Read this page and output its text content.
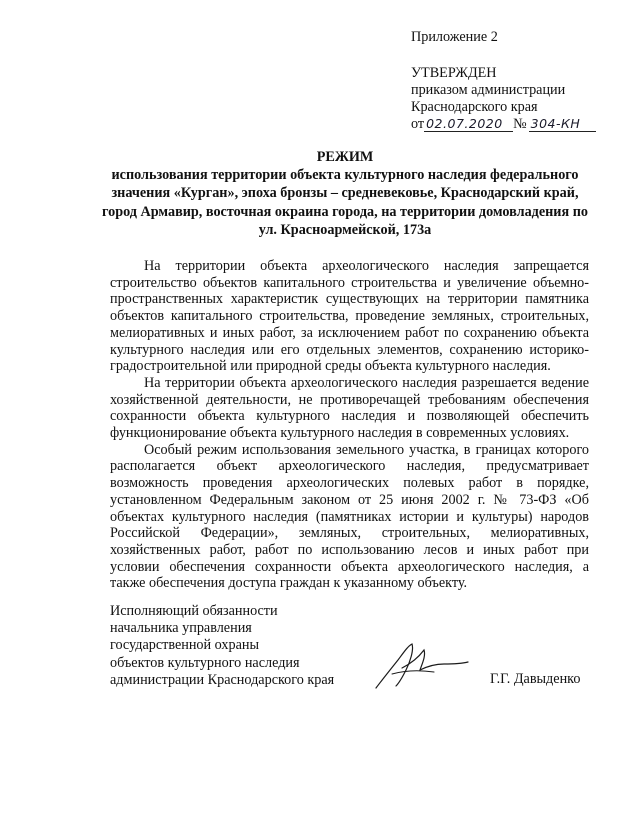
Приложение 2
УТВЕРЖДЕН
приказом администрации
Краснодарского края
от 02.07.2020 № 304-КН
РЕЖИМ
использования территории объекта культурного наследия федерального значения «Курган», эпоха бронзы – средневековье, Краснодарский край, город Армавир, восточная окраина города, на территории домовладения по ул. Красноармейской, 173а

На территории объекта археологического наследия запрещается строительство объектов капитального строительства и увеличение объемно-пространственных характеристик существующих на территории памятника объектов капитального строительства, проведение земляных, строительных, мелиоративных и иных работ, за исключением работ по сохранению объекта культурного наследия или его отдельных элементов, сохранению историко-градостроительной или природной среды объекта культурного наследия.

На территории объекта археологического наследия разрешается ведение хозяйственной деятельности, не противоречащей требованиям обеспечения сохранности объекта культурного наследия и позволяющей обеспечить функционирование объекта культурного наследия в современных условиях.

Особый режим использования земельного участка, в границах которого располагается объект археологического наследия, предусматривает возможность проведения археологических полевых работ в порядке, установленном Федеральным законом от 25 июня 2002 г. № 73-ФЗ «Об объектах культурного наследия (памятниках истории и культуры) народов Российской Федерации», земляных, строительных, мелиоративных, хозяйственных работ, работ по использованию лесов и иных работ при условии обеспечения сохранности объекта археологического наследия, а также обеспечения доступа граждан к указанному объекту.

Исполняющий обязанности
начальника управления
государственной охраны
объектов культурного наследия
администрации Краснодарского края	Г.Г. Давыденко
